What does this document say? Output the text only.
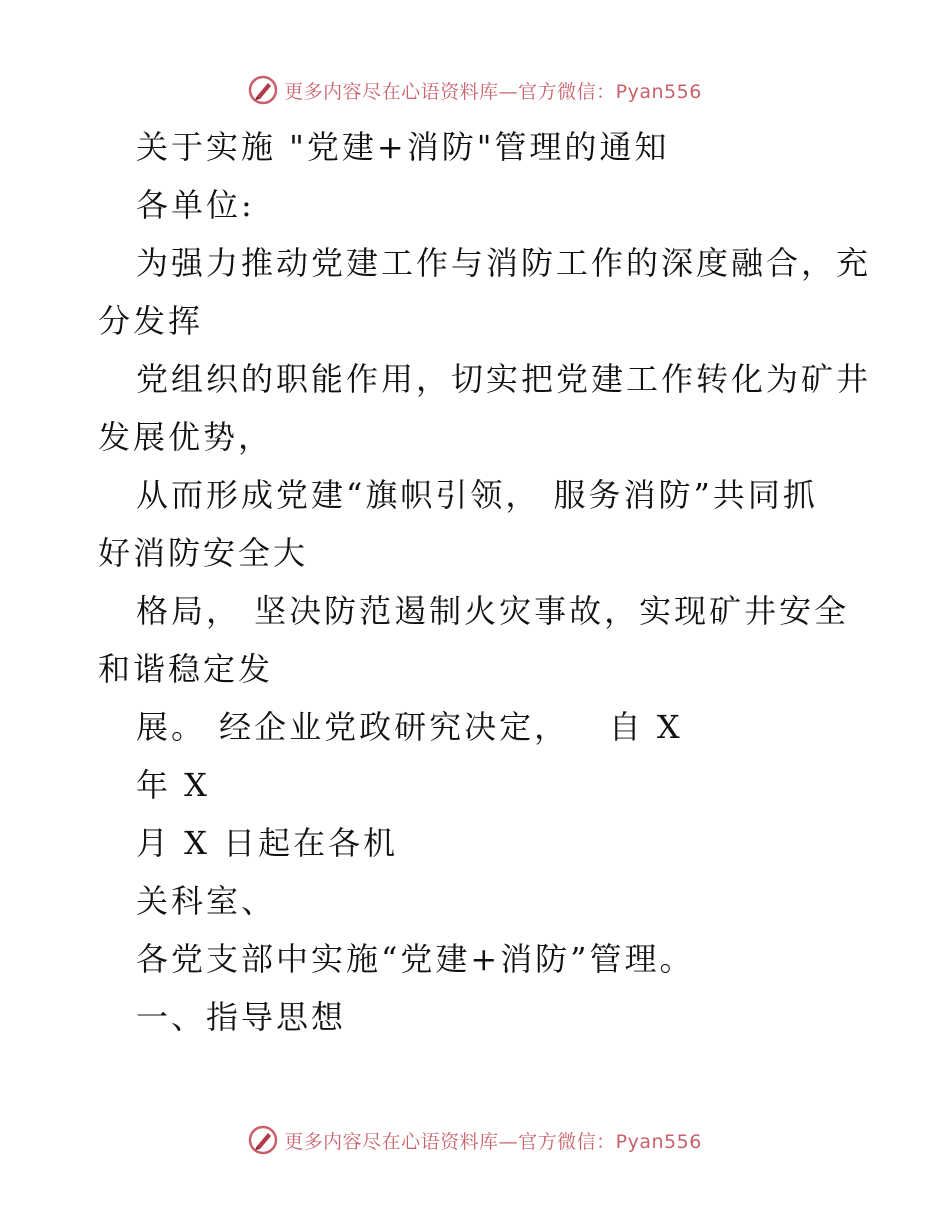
更多内容尽在心语资料库—官方微信：Pyan556
关于实施 "党建+消防"管理的通知
各单位:
为强力推动党建工作与消防工作的深度融合，充
分发挥
党组织的职能作用，切实把党建工作转化为矿井
发展优势，
从而形成党建“旗帜引领， 服务消防”共同抓
好消防安全大
格局， 坚决防范遏制火灾事故，实现矿井安全
和谐稳定发
展。 经企业党政研究决定，   自 X
年 X
月 X 日起在各机
关科室、
各党支部中实施“党建+消防”管理。
一、指导思想
更多内容尽在心语资料库—官方微信：Pyan556
